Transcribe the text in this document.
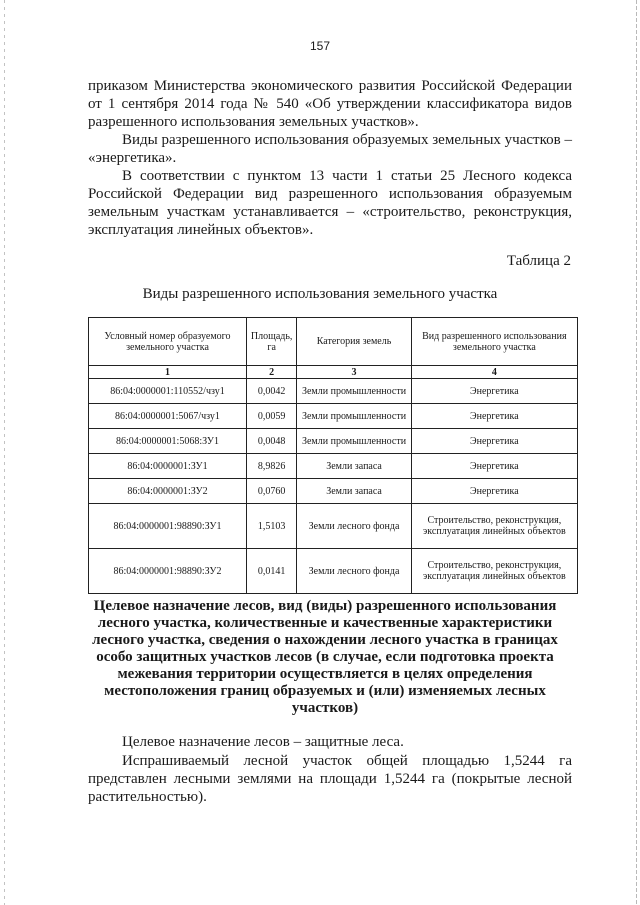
157
приказом Министерства экономического развития Российской Федерации от 1 сентября 2014 года № 540 «Об утверждении классификатора видов разрешенного использования земельных участков».
Виды разрешенного использования образуемых земельных участков – «энергетика».
В соответствии с пунктом 13 части 1 статьи 25 Лесного кодекса Российской Федерации вид разрешенного использования образуемым земельным участкам устанавливается – «строительство, реконструкция, эксплуатация линейных объектов».
Таблица 2
Виды разрешенного использования земельного участка
Условный номер образуемого земельного участка	Площадь, га	Категория земель	Вид разрешенного использования земельного участка
1	2	3	4
86:04:0000001:110552/чзу1	0,0042	Земли промышленности	Энергетика
86:04:0000001:5067/чзу1	0,0059	Земли промышленности	Энергетика
86:04:0000001:5068:ЗУ1	0,0048	Земли промышленности	Энергетика
86:04:0000001:ЗУ1	8,9826	Земли запаса	Энергетика
86:04:0000001:ЗУ2	0,0760	Земли запаса	Энергетика
86:04:0000001:98890:ЗУ1	1,5103	Земли лесного фонда	Строительство, реконструкция, эксплуатация линейных объектов
86:04:0000001:98890:ЗУ2	0,0141	Земли лесного фонда	Строительство, реконструкция, эксплуатация линейных объектов
Целевое назначение лесов, вид (виды) разрешенного использования лесного участка, количественные и качественные характеристики лесного участка, сведения о нахождении лесного участка в границах особо защитных участков лесов (в случае, если подготовка проекта межевания территории осуществляется в целях определения местоположения границ образуемых и (или) изменяемых лесных участков)
Целевое назначение лесов – защитные леса.
Испрашиваемый лесной участок общей площадью 1,5244 га представлен лесными землями на площади 1,5244 га (покрытые лесной растительностью).
